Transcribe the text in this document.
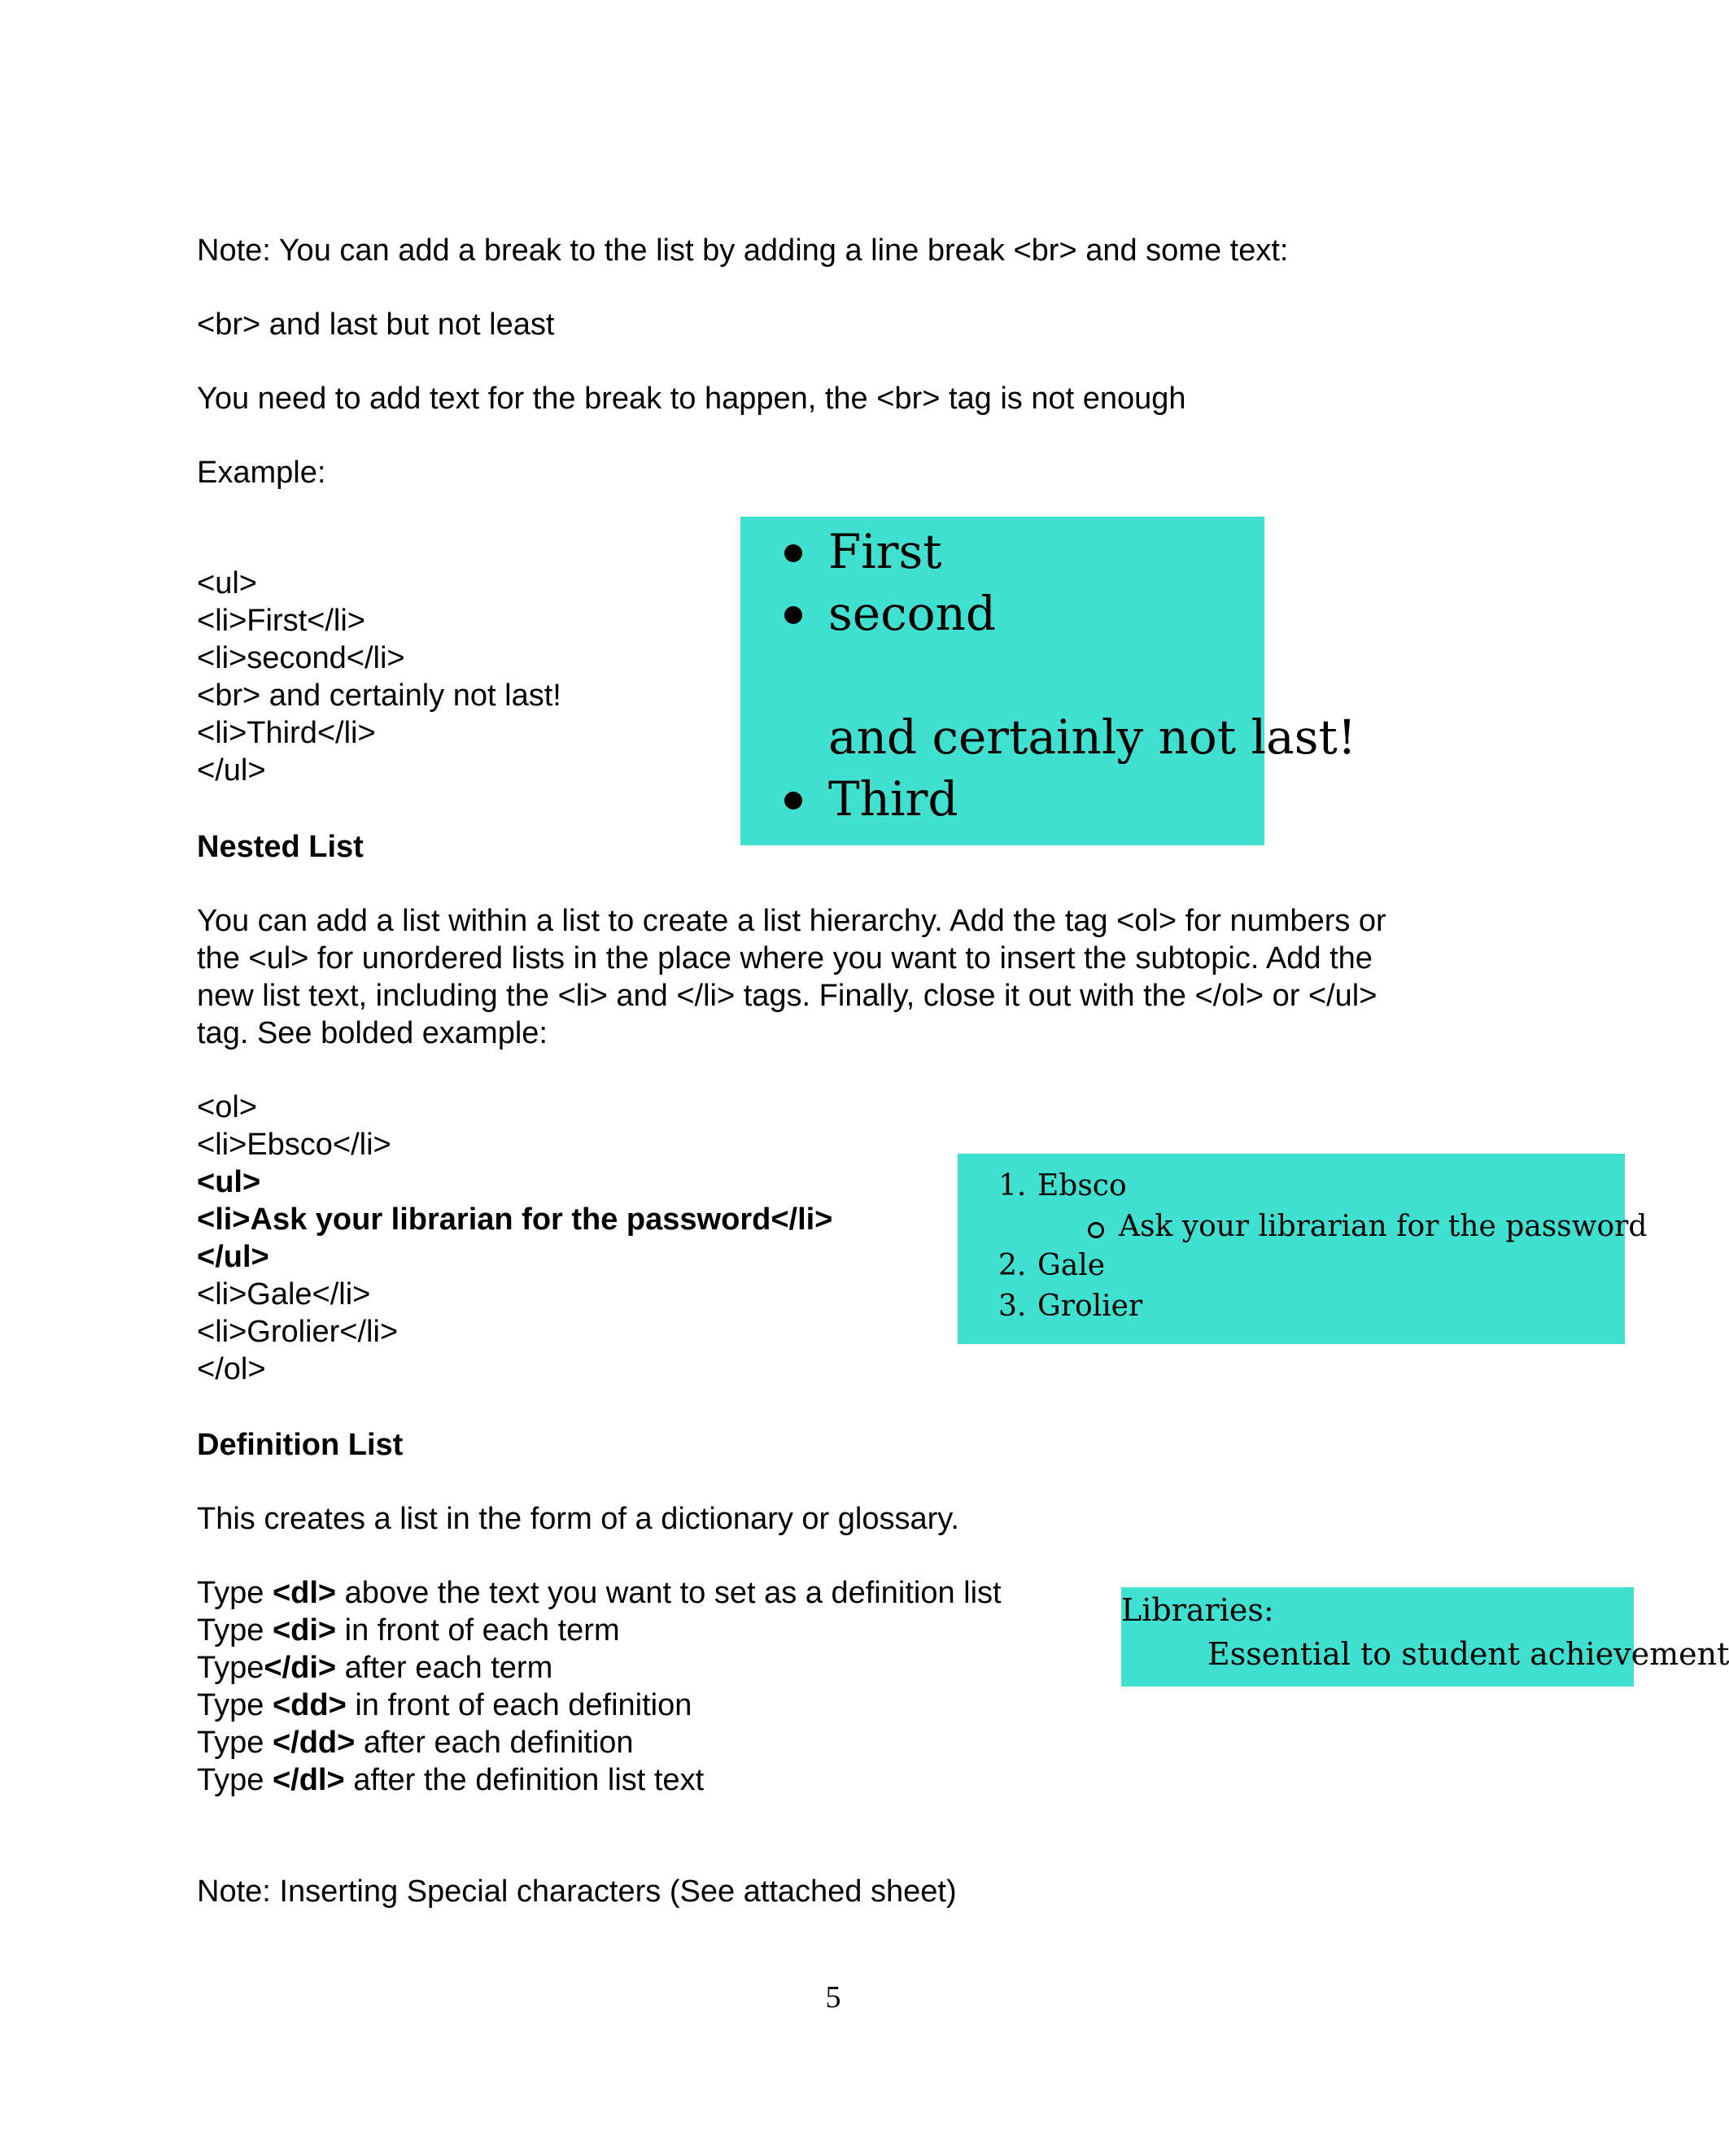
Note: You can add a break to the list by adding a line break <br> and some text:

<br> and last but not least

You need to add text for the break to happen, the <br> tag is not enough

Example:

<ul>

<li>First</li>

<li>second</li>

<br> and certainly not last!

<li>Third</li>

</ul>

First
second
and certainly not last!
Third

Nested List

You can add a list within a list to create a list hierarchy. Add the tag <ol> for numbers or

the <ul> for unordered lists in the place where you want to insert the subtopic. Add the

new list text, including the <li> and </li> tags. Finally, close it out with the </ol> or </ul>

tag. See bolded example:

<ol>

<li>Ebsco</li>

<ul>

<li>Ask your librarian for the password</li>

</ul>

<li>Gale</li>

<li>Grolier</li>

</ol>

1. Ebsco
Ask your librarian for the password
2. Gale
3. Grolier

Definition List

This creates a list in the form of a dictionary or glossary.

Type <dl> above the text you want to set as a definition list

Type <di> in front of each term

Type</di> after each term

Type <dd> in front of each definition

Type </dd> after each definition

Type </dl> after the definition list text

Libraries:
Essential to student achievement

Note: Inserting Special characters (See attached sheet)

5
